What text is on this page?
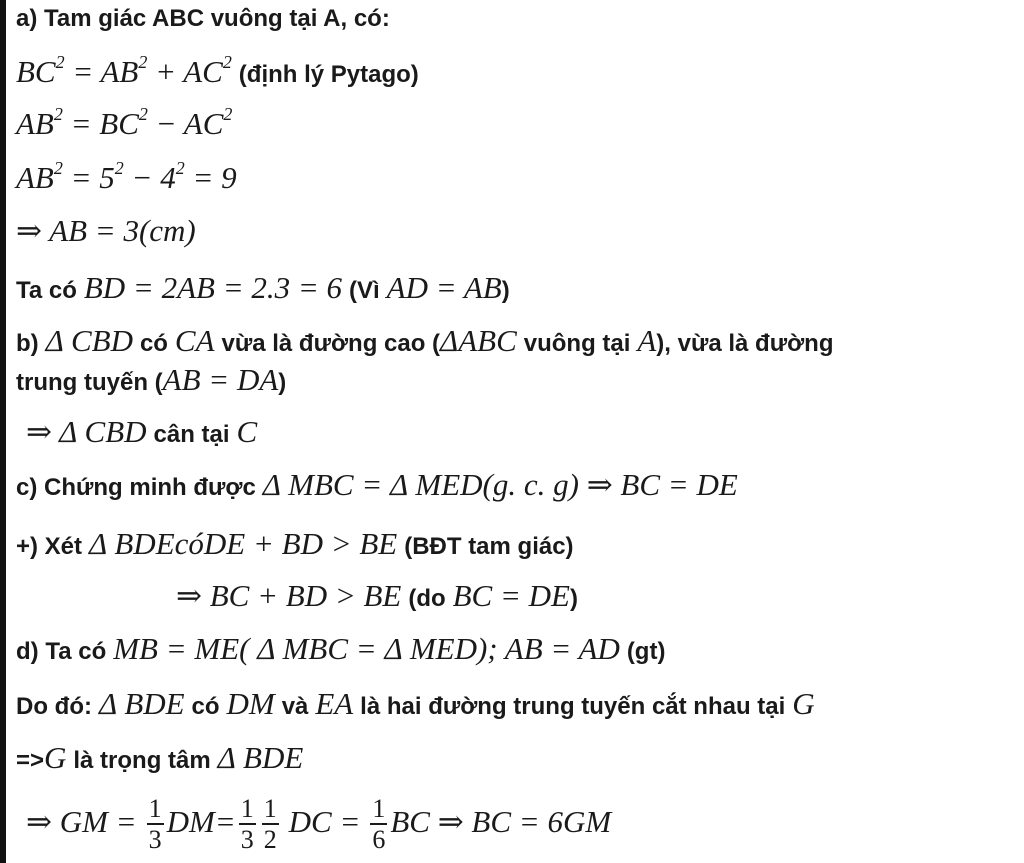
a) Tam giác ABC vuông tại A, có:
$BC^2 = AB^2 + AC^2$ (định lý Pytago)
$AB^2 = BC^2 - AC^2$
$AB^2 = 5^2 - 4^2 = 9$
⇒ AB = 3(cm)
Ta có BD = 2AB = 2.3 = 6 (Vì AD = AB)
b) Δ CBD có CA vừa là đường cao (ΔABC vuông tại A), vừa là đường
trung tuyến (AB = DA)
⇒ Δ CBD cân tại C
c) Chứng minh được Δ MBC = Δ MED(g. c. g) ⇒ BC = DE
+) Xét Δ BDEcóDE + BD > BE (BĐT tam giác)
⇒ BC + BD > BE (do BC = DE)
d) Ta có MB = ME( Δ MBC = Δ MED); AB = AD (gt)
Do đó: Δ BDE có DM và EA là hai đường trung tuyến cắt nhau tại G
=>G là trọng tâm Δ BDE
⇒ GM = $\frac{1}{3} DM= \frac{1}{3} \frac{1}{2}$ DC = $\frac{1}{6}$ BC ⇒ BC = 6GM
